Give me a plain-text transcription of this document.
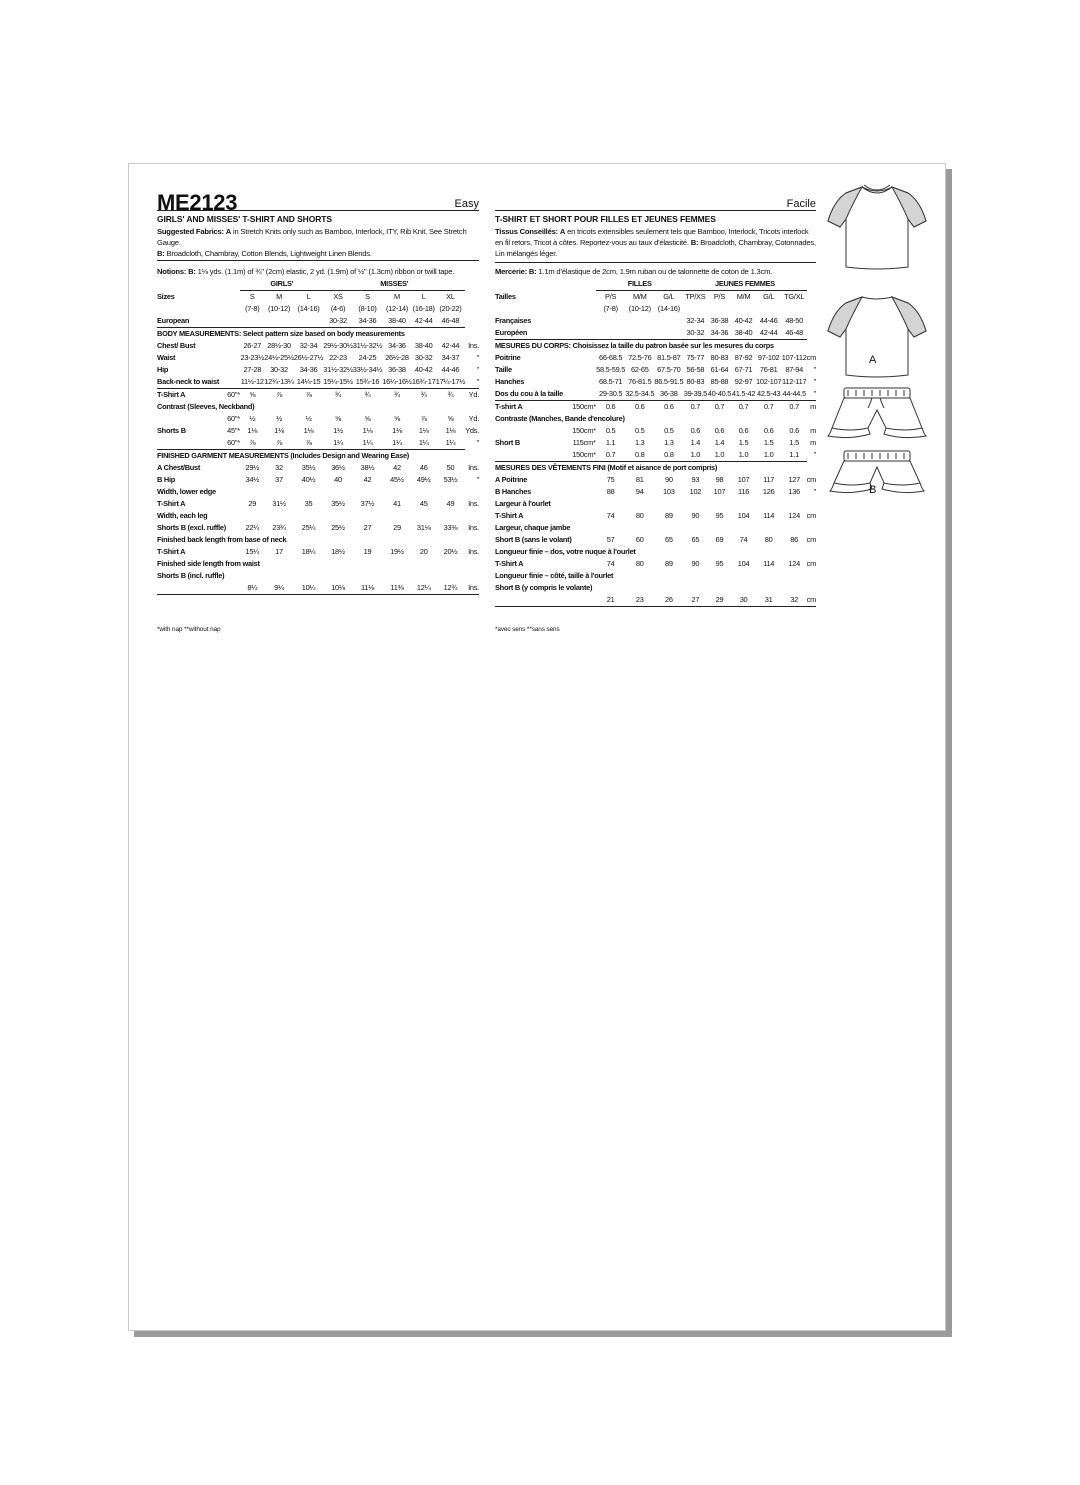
ME2123	Easy
GIRLS' AND MISSES' T-SHIRT AND SHORTS
Suggested Fabrics: A in Stretch Knits only such as Bamboo, Interlock, ITY, Rib Knit. See Stretch Gauge.
B: Broadcloth, Chambray, Cotton Blends, Lightweight Linen Blends.
Notions: B: 1⅛ yds. (1.1m) of ¾" (2cm) elastic, 2 yd. (1.9m) of ½" (1.3cm) ribbon or twill tape.
		GIRLS'			MISSES'					
Sizes		S	M	L	XS	S	M	L	XL	
		(7-8)	(10-12)	(14-16)	(4-6)	(8-10)	(12-14)	(16-18)	(20-22)	
European					30-32	34-36	38-40	42-44	46-48	
BODY MEASUREMENTS: Select pattern size based on body measurements										
Chest/ Bust		26-27	28½-30	32-34	29½-30½	31½-32½	34-36	38-40	42-44	Ins.
Waist		23-23½	24½-25½	26½-27½	22-23	24-25	26½-28	30-32	34-37	"
Hip		27-28	30-32	34-36	31½-32½	33½-34½	36-38	40-42	44-46	"
Back-neck to waist		11½-12	12¾-13¼	14¼-15	15¼-15½	15¾-16	16¼-16½	16¾-17	17¼-17½	"
T-Shirt A	60"*	⅝	⅞	⅞	¾	¾	¾	¾	¾	Yd.
Contrast (Sleeves, Neckband)										
	60"*	½	½	½	⅝	⅝	⅝	⅞	⅝	Yd.
Shorts B	45"*	1⅛	1⅛	1⅛	1½	1⅛	1⅛	1⅛	1⅛	Yds.
	60"*	⅞	⅞	⅞	1¼	1¼	1¼	1¼	1¼	"
FINISHED GARMENT MEASUREMENTS (Includes Design and Wearing Ease)										
A Chest/Bust		29½	32	35½	36½	38½	42	46	50	Ins.
B Hip		34½	37	40½	40	42	45½	49½	53½	"
Width, lower edge										
T-Shirt A		29	31½	35	35½	37½	41	45	49	Ins.
Width, each leg										
Shorts B (excl. ruffle)		22¼	23¾	25¼	25½	27	29	31⅛	33⅜	Ins.
Finished back length from base of neck										
T-Shirt A		15¼	17	18¼	18½	19	19½	20	20½	Ins.
Finished side length from waist										
Shorts B (incl. ruffle)										
		8¼	9¼	10¼	10⅛	11⅛	11⅜	12¼	12¾	Ins.
*with nap **without nap
Facile
T-SHIRT ET SHORT POUR FILLES ET JEUNES FEMMES
Tissus Conseillés: A en tricots extensibles seulement tels que Bamboo, Interlock, Tricots interlock en fil retors, Tricot à côtes. Reportez-vous au taux d'élasticité. B: Broadcloth, Chambray, Cotonnades, Lin mélangés léger.
Mercerie: B: 1.1m d'élastique de 2cm, 1.9m ruban ou de talonnette de coton de 1.3cm.
		FILLES			JEUNES FEMMES					
Tailles		P/S	M/M	G/L	TP/XS	P/S	M/M	G/L	TG/XL	
		(7-8)	(10-12)	(14-16)						
Françaises					32-34	36-38	40-42	44-46	48-50	
Européen					30-32	34-36	38-40	42-44	46-48	
MESURES DU CORPS: Choisissez la taille du patron basée sur les mesures du corps										
Poitrine		66-68.5	72.5-76	81.5-87	75-77	80-83	87-92	97-102	107-112	cm
Taille		58.5-59.5	62-65	67.5-70	56-58	61-64	67-71	76-81	87-94	"
Hanches		68.5-71	76-81.5	86.5-91.5	80-83	85-88	92-97	102-107	112-117	"
Dos du cou à la taille		29-30.5	32.5-34.5	36-38	39-39.5	40-40.5	41.5-42	42.5-43	44-44.5	"
T-shirt A	150cm*	0.6	0.6	0.6	0.7	0.7	0.7	0.7	0.7	m
Contraste (Manches, Bande d'encolure)										
	150cm*	0.5	0.5	0.5	0.6	0.6	0.6	0.6	0.6	m
Short B	115cm*	1.1	1.3	1.3	1.4	1.4	1.5	1.5	1.5	m
	150cm*	0.7	0.8	0.8	1.0	1.0	1.0	1.0	1.1	"
MESURES DES VÊTEMENTS FINI (Motif et aisance de port compris)										
A Poitrine		75	81	90	93	98	107	117	127	cm
B Hanches		88	94	103	102	107	116	126	136	"
Largeur à l'ourlet										
T-Shirt A		74	80	89	90	95	104	114	124	cm
Largeur, chaque jambe										
Short B (sans le volant)		57	60	65	65	69	74	80	86	cm
Longueur finie – dos, votre nuque à l'ourlet										
T-Shirt A		74	80	89	90	95	104	114	124	cm
Longueur finie – côté, taille à l'ourlet										
Short B (y compris le volante)										
		21	23	26	27	29	30	31	32	cm
*avec sens **sans sens
A
B
